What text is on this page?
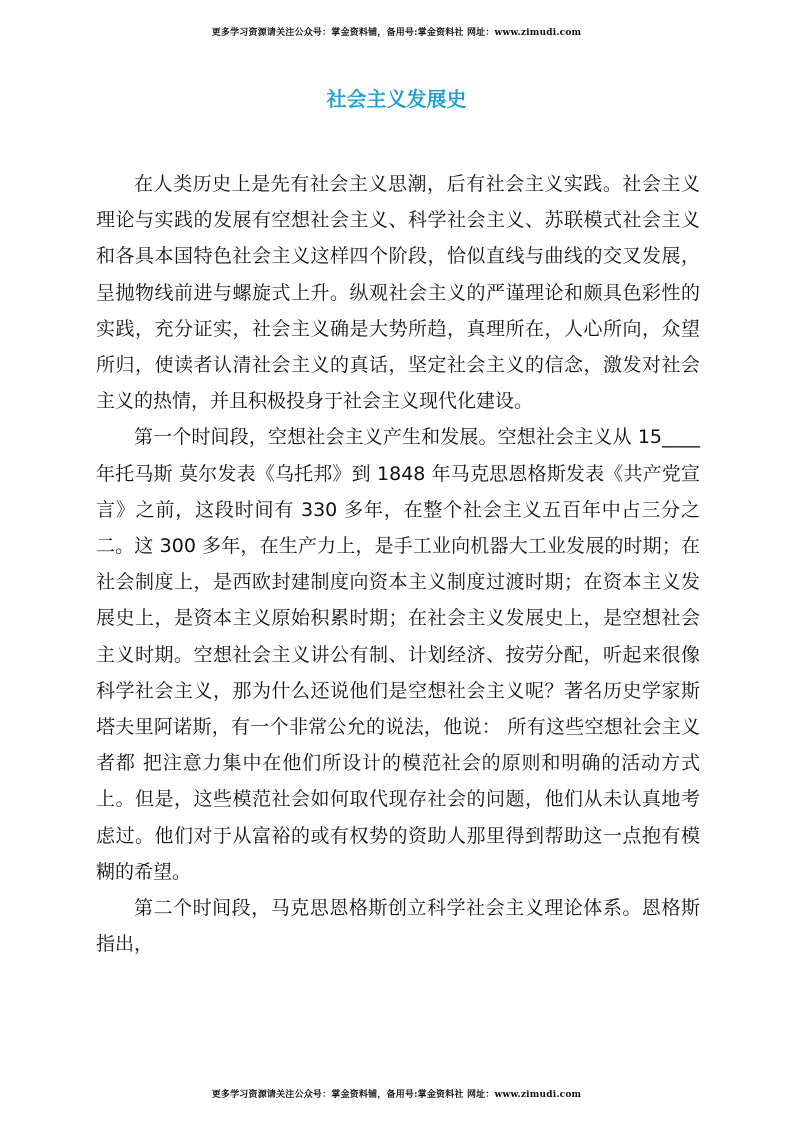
更多学习资源请关注公众号：掌金资料铺，备用号:掌金资料社 网址：www.zimudi.com
社会主义发展史

在人类历史上是先有社会主义思潮，后有社会主义实践。社会主义理论与实践的发展有空想社会主义、科学社会主义、苏联模式社会主义和各具本国特色社会主义这样四个阶段，恰似直线与曲线的交叉发展，呈抛物线前进与螺旋式上升。纵观社会主义的严谨理论和颇具色彩性的实践，充分证实，社会主义确是大势所趋，真理所在，人心所向，众望所归，使读者认清社会主义的真话，坚定社会主义的信念，激发对社会主义的热情，并且积极投身于社会主义现代化建设。

第一个时间段，空想社会主义产生和发展。空想社会主义从 15____年托马斯 莫尔发表《乌托邦》到 1848 年马克思恩格斯发表《共产党宣言》之前，这段时间有 330 多年，在整个社会主义五百年中占三分之二。这 300 多年，在生产力上，是手工业向机器大工业发展的时期；在社会制度上，是西欧封建制度向资本主义制度过渡时期；在资本主义发展史上，是资本主义原始积累时期；在社会主义发展史上，是空想社会主义时期。空想社会主义讲公有制、计划经济、按劳分配，听起来很像科学社会主义，那为什么还说他们是空想社会主义呢？著名历史学家斯塔夫里阿诺斯，有一个非常公允的说法，他说： 所有这些空想社会主义者都 把注意力集中在他们所设计的模范社会的原则和明确的活动方式上。但是，这些模范社会如何取代现存社会的问题，他们从未认真地考虑过。他们对于从富裕的或有权势的资助人那里得到帮助这一点抱有模糊的希望。

第二个时间段，马克思恩格斯创立科学社会主义理论体系。恩格斯指出，

更多学习资源请关注公众号：掌金资料铺，备用号:掌金资料社 网址：www.zimudi.com
